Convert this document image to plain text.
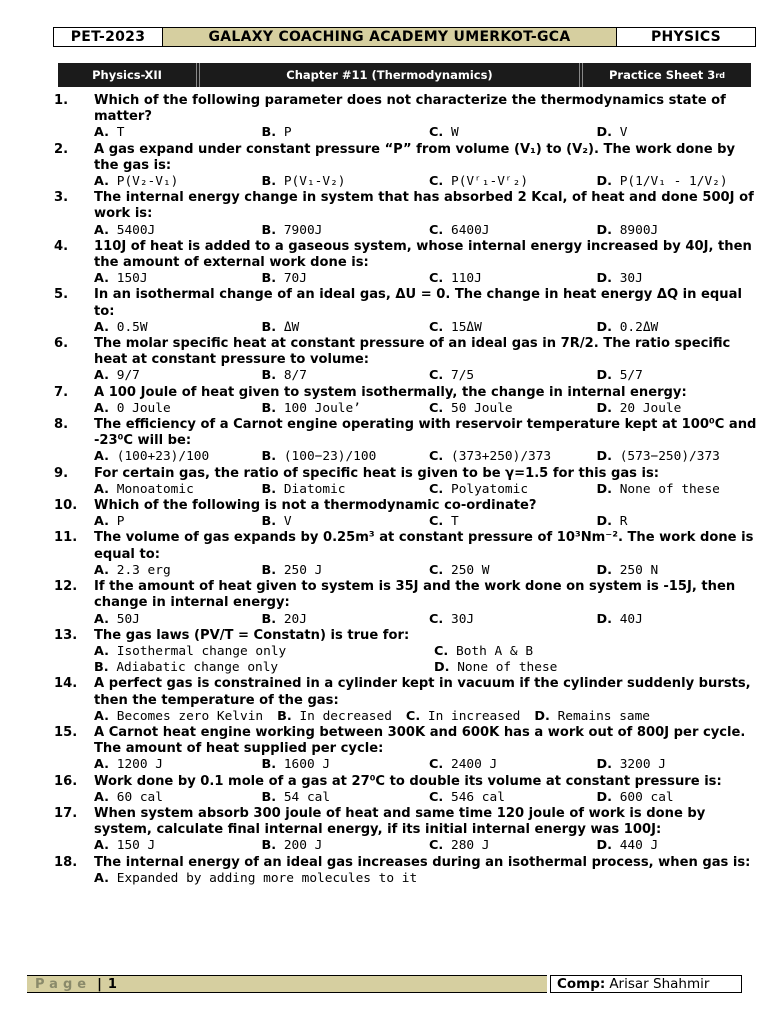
PET-2023	GALAXY COACHING ACADEMY UMERKOT-GCA	PHYSICS
Physics-XII	Chapter #11 (Thermodynamics)	Practice Sheet 3 rd
1.	Which of the following parameter does not characterize the thermodynamics state of matter?
A. T	B. P	C. W	D. V
2.	A gas expand under constant pressure “P” from volume (V₁) to (V₂). The work done by the gas is:
A. P(V₂-V₁)	B. P(V₁-V₂)	C. P(Vʳ₁-Vʳ₂)	D. P(1/V₁ - 1/V₂)
3.	The internal energy change in system that has absorbed 2 Kcal, of heat and done 500J of work is:
A. 5400J	B. 7900J	C. 6400J	D. 8900J
4.	110J of heat is added to a gaseous system, whose internal energy increased by 40J, then the amount of external work done is:
A. 150J	B. 70J	C. 110J	D. 30J
5.	In an isothermal change of an ideal gas, ΔU = 0. The change in heat energy ΔQ in equal to:
A. 0.5W	B. ΔW	C. 15ΔW	D. 0.2ΔW
6.	The molar specific heat at constant pressure of an ideal gas in 7R/2. The ratio specific heat at constant pressure to volume:
A. 9/7	B. 8/7	C. 7/5	D. 5/7
7.	A 100 Joule of heat given to system isothermally, the change in internal energy:
A. 0 Joule	B. 100 Joule’	C. 50 Joule	D. 20 Joule
8.	The efficiency of a Carnot engine operating with reservoir temperature kept at 100⁰C and -23⁰C will be:
A. (100+23)/100	B. (100−23)/100	C. (373+250)/373	D. (573−250)/373
9.	For certain gas, the ratio of specific heat is given to be γ=1.5 for this gas is:
A. Monoatomic	B. Diatomic	C. Polyatomic	D. None of these
10.	Which of the following is not a thermodynamic co-ordinate?
A. P	B. V	C. T	D. R
11.	The volume of gas expands by 0.25m³ at constant pressure of 10³Nm⁻². The work done is equal to:
A. 2.3 erg	B. 250 J	C. 250 W	D. 250 N
12.	If the amount of heat given to system is 35J and the work done on system is -15J, then change in internal energy:
A. 50J	B. 20J	C. 30J	D. 40J
13.	The gas laws (PV/T = Constatn) is true for:
A. Isothermal change only	C. Both A & B
B. Adiabatic change only	D. None of these
14.	A perfect gas is constrained in a cylinder kept in vacuum if the cylinder suddenly bursts, then the temperature of the gas:
A. Becomes zero Kelvin B. In decreased C. In increased D. Remains same
15.	A Carnot heat engine working between 300K and 600K has a work out of 800J per cycle. The amount of heat supplied per cycle:
A. 1200 J	B. 1600 J	C. 2400 J	D. 3200 J
16.	Work done by 0.1 mole of a gas at 27⁰C to double its volume at constant pressure is:
A. 60 cal	B. 54 cal	C. 546 cal	D. 600 cal
17.	When system absorb 300 joule of heat and same time 120 joule of work is done by system, calculate final internal energy, if its initial internal energy was 100J:
A. 150 J	B. 200 J	C. 280 J	D. 440 J
18.	The internal energy of an ideal gas increases during an isothermal process, when gas is:
A. Expanded by adding more molecules to it
Page | 1	Comp: Arisar Shahmir
